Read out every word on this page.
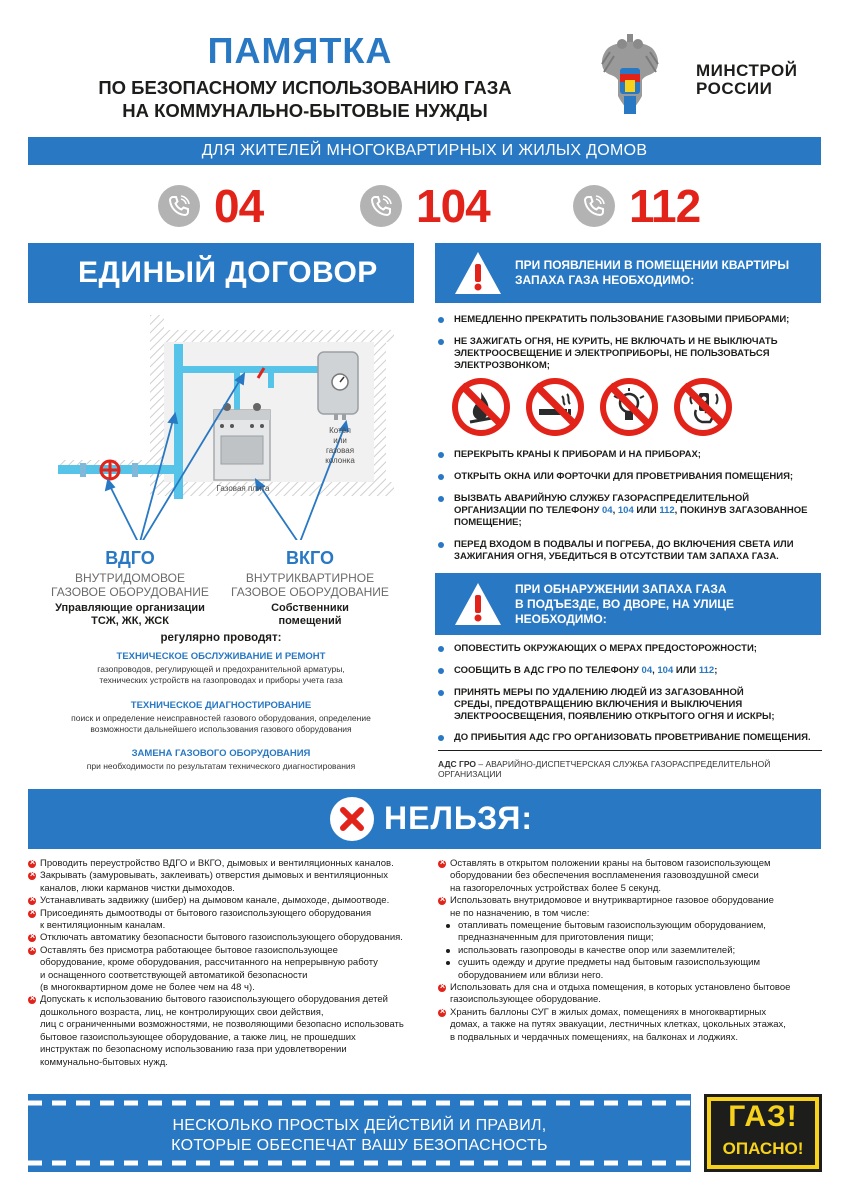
ПАМЯТКА
ПО БЕЗОПАСНОМУ ИСПОЛЬЗОВАНИЮ ГАЗА
НА КОММУНАЛЬНО-БЫТОВЫЕ НУЖДЫ
МИНСТРОЙ
РОССИИ
ДЛЯ ЖИТЕЛЕЙ МНОГОКВАРТИРНЫХ И ЖИЛЫХ ДОМОВ
04	104	112
ЕДИНЫЙ ДОГОВОР
Котёл
или
газовая
колонка
Газовая плита
ВДГО
ВНУТРИДОМОВОЕ
ГАЗОВОЕ ОБОРУДОВАНИЕ
Управляющие организации
ТСЖ, ЖК, ЖСК
ВКГО
ВНУТРИКВАРТИРНОЕ
ГАЗОВОЕ ОБОРУДОВАНИЕ
Собственники
помещений
регулярно проводят:
ТЕХНИЧЕСКОЕ ОБСЛУЖИВАНИЕ И РЕМОНТ
газопроводов, регулирующей и предохранительной арматуры,
технических устройств на газопроводах и приборы учета газа
ТЕХНИЧЕСКОЕ ДИАГНОСТИРОВАНИЕ
поиск и определение неисправностей газового оборудования, определение
возможности дальнейшего использования газового оборудования
ЗАМЕНА ГАЗОВОГО ОБОРУДОВАНИЯ
при необходимости по результатам технического диагностирования
ПРИ ПОЯВЛЕНИИ В ПОМЕЩЕНИИ КВАРТИРЫ
ЗАПАХА ГАЗА НЕОБХОДИМО:
НЕМЕДЛЕННО ПРЕКРАТИТЬ ПОЛЬЗОВАНИЕ ГАЗОВЫМИ ПРИБОРАМИ;
НЕ ЗАЖИГАТЬ ОГНЯ, НЕ КУРИТЬ, НЕ ВКЛЮЧАТЬ И НЕ ВЫКЛЮЧАТЬ
ЭЛЕКТРООСВЕЩЕНИЕ И ЭЛЕКТРОПРИБОРЫ, НЕ ПОЛЬЗОВАТЬСЯ
ЭЛЕКТРОЗВОНКОМ;
ПЕРЕКРЫТЬ КРАНЫ К ПРИБОРАМ И НА ПРИБОРАХ;
ОТКРЫТЬ ОКНА ИЛИ ФОРТОЧКИ ДЛЯ ПРОВЕТРИВАНИЯ ПОМЕЩЕНИЯ;
ВЫЗВАТЬ АВАРИЙНУЮ СЛУЖБУ ГАЗОРАСПРЕДЕЛИТЕЛЬНОЙ
ОРГАНИЗАЦИИ ПО ТЕЛЕФОНУ 04, 104 ИЛИ 112, ПОКИНУВ ЗАГАЗОВАННОЕ
ПОМЕЩЕНИЕ;
ПЕРЕД ВХОДОМ В ПОДВАЛЫ И ПОГРЕБА, ДО ВКЛЮЧЕНИЯ СВЕТА ИЛИ
ЗАЖИГАНИЯ ОГНЯ, УБЕДИТЬСЯ В ОТСУТСТВИИ ТАМ ЗАПАХА ГАЗА.
ПРИ ОБНАРУЖЕНИИ ЗАПАХА ГАЗА
В ПОДЪЕЗДЕ, ВО ДВОРЕ, НА УЛИЦЕ
НЕОБХОДИМО:
ОПОВЕСТИТЬ ОКРУЖАЮЩИХ О МЕРАХ ПРЕДОСТОРОЖНОСТИ;
СООБЩИТЬ В АДС ГРО ПО ТЕЛЕФОНУ 04, 104 ИЛИ 112;
ПРИНЯТЬ МЕРЫ ПО УДАЛЕНИЮ ЛЮДЕЙ ИЗ ЗАГАЗОВАННОЙ
СРЕДЫ, ПРЕДОТВРАЩЕНИЮ ВКЛЮЧЕНИЯ И ВЫКЛЮЧЕНИЯ
ЭЛЕКТРООСВЕЩЕНИЯ, ПОЯВЛЕНИЮ ОТКРЫТОГО ОГНЯ И ИСКРЫ;
ДО ПРИБЫТИЯ АДС ГРО ОРГАНИЗОВАТЬ ПРОВЕТРИВАНИЕ ПОМЕЩЕНИЯ.
АДС ГРО – АВАРИЙНО-ДИСПЕТЧЕРСКАЯ СЛУЖБА ГАЗОРАСПРЕДЕЛИТЕЛЬНОЙ ОРГАНИЗАЦИИ
НЕЛЬЗЯ:
Проводить переустройство ВДГО и ВКГО, дымовых и вентиляционных каналов.
×
Закрывать (замуровывать, заклеивать) отверстия дымовых и вентиляционных
каналов, люки карманов чистки дымоходов.
×
Устанавливать задвижку (шибер) на дымовом канале, дымоходе, дымоотводе.
×
Присоединять дымоотводы от бытового газоиспользующего оборудования
к вентиляционным каналам.
×
Отключать автоматику безопасности бытового газоиспользующего оборудования.
×
Оставлять без присмотра работающее бытовое газоиспользующее
оборудование, кроме оборудования, рассчитанного на непрерывную работу
и оснащенного соответствующей автоматикой безопасности
(в многоквартирном доме не более чем на 48 ч).
×
Допускать к использованию бытового газоиспользующего оборудования детей
дошкольного возраста, лиц, не контролирующих свои действия,
лиц с ограниченными возможностями, не позволяющими безопасно использовать
бытовое газоиспользующее оборудование, а также лиц, не прошедших
инструктаж по безопасному использованию газа при удовлетворении
коммунально-бытовых нужд.
×
Оставлять в открытом положении краны на бытовом газоиспользующем
оборудовании без обеспечения воспламенения газовоздушной смеси
на газогорелочных устройствах более 5 секунд.
×
Использовать внутридомовое и внутриквартирное газовое оборудование
не по назначению, в том числе:
×
отапливать помещение бытовым газоиспользующим оборудованием,
предназначенным для приготовления пищи;
использовать газопроводы в качестве опор или заземлителей;
сушить одежду и другие предметы над бытовым газоиспользующим
оборудованием или вблизи него.
Использовать для сна и отдыха помещения, в которых установлено бытовое
газоиспользующее оборудование.
×
Хранить баллоны СУГ в жилых домах, помещениях в многоквартирных
домах, а также на путях эвакуации, лестничных клетках, цокольных этажах,
в подвальных и чердачных помещениях, на балконах и лоджиях.
×
НЕСКОЛЬКО ПРОСТЫХ ДЕЙСТВИЙ И ПРАВИЛ,
КОТОРЫЕ ОБЕСПЕЧАТ ВАШУ БЕЗОПАСНОСТЬ
ГАЗ!
ОПАСНО!
